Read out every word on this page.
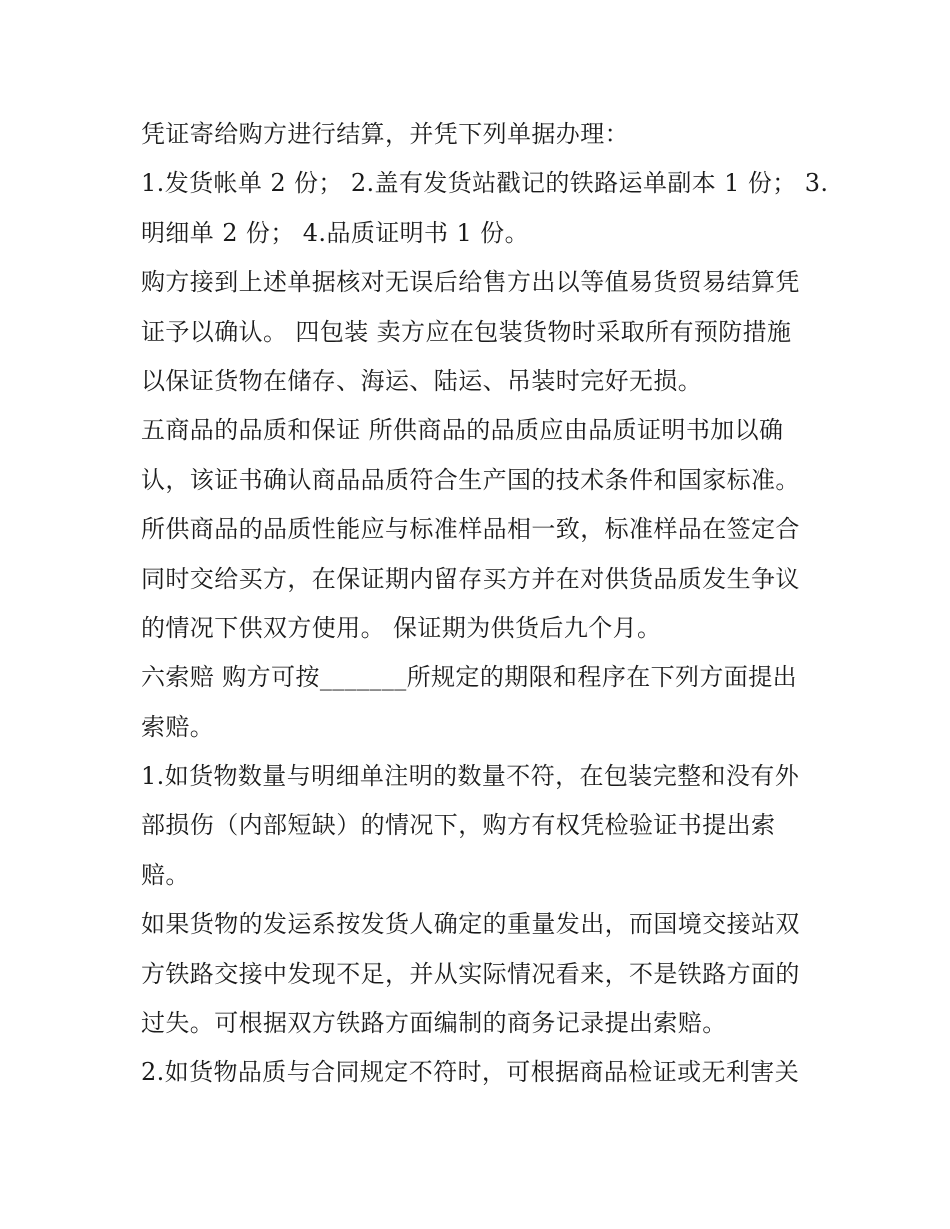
凭证寄给购方进行结算，并凭下列单据办理：
1.发货帐单 2 份； 2.盖有发货站戳记的铁路运单副本 1 份； 3.
明细单 2 份； 4.品质证明书 1 份。
购方接到上述单据核对无误后给售方出以等值易货贸易结算凭
证予以确认。 四包装 卖方应在包装货物时采取所有预防措施
以保证货物在储存、海运、陆运、吊装时完好无损。
五商品的品质和保证 所供商品的品质应由品质证明书加以确
认，该证书确认商品品质符合生产国的技术条件和国家标准。
所供商品的品质性能应与标准样品相一致，标准样品在签定合
同时交给买方，在保证期内留存买方并在对供货品质发生争议
的情况下供双方使用。 保证期为供货后九个月。
六索赔 购方可按_______所规定的期限和程序在下列方面提出
索赔。
1.如货物数量与明细单注明的数量不符，在包装完整和没有外
部损伤（内部短缺）的情况下，购方有权凭检验证书提出索
赔。
如果货物的发运系按发货人确定的重量发出，而国境交接站双
方铁路交接中发现不足，并从实际情况看来，不是铁路方面的
过失。可根据双方铁路方面编制的商务记录提出索赔。
2.如货物品质与合同规定不符时，可根据商品检证或无利害关
